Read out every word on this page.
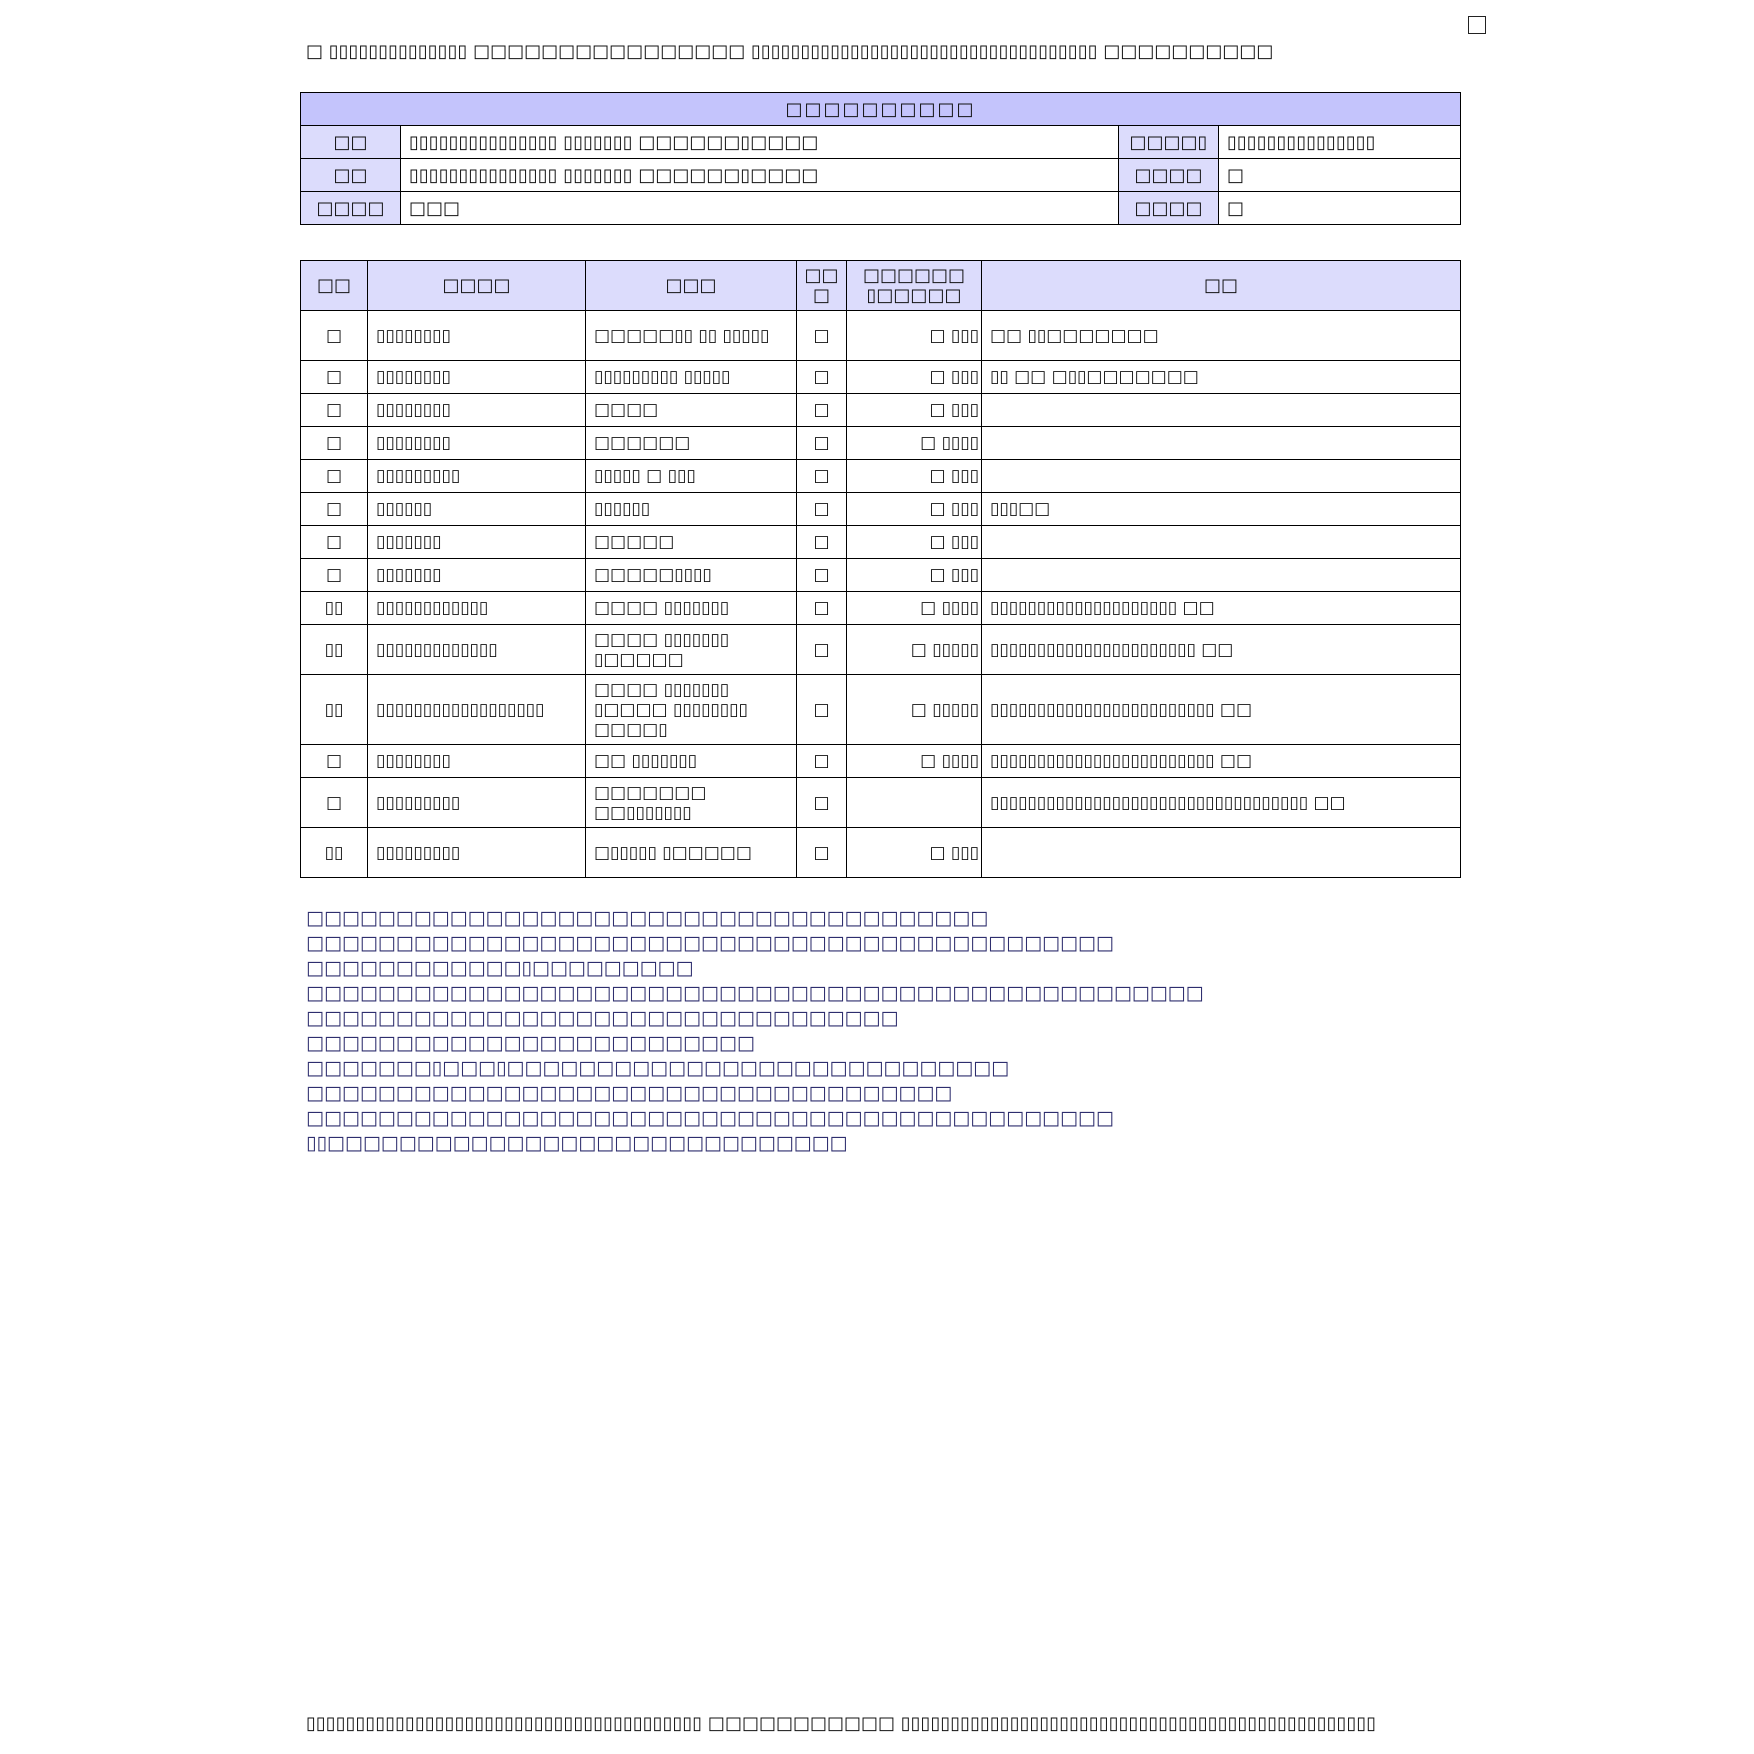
□ ▯▯▯▯▯▯▯▯▯▯▯▯▯▯ □□□□□□□□□□□□□□□□ ▯▯▯▯▯▯▯▯▯▯▯▯▯▯▯▯▯▯▯▯▯▯▯▯▯▯▯▯▯▯▯▯▯▯▯ □□□□□□□□□□
□□□□□□□□□□			
□□	▯▯▯▯▯▯▯▯▯▯▯▯▯▯▯ ▯▯▯▯▯▯▯ □□□□□□▯□□□□	□□□□▯	▯▯▯▯▯▯▯▯▯▯▯▯▯▯▯
□□	▯▯▯▯▯▯▯▯▯▯▯▯▯▯▯ ▯▯▯▯▯▯▯ □□□□□□▯□□□□	□□□□	□
□□□□	□□□	□□□□	□
□□	□□□□	□□□	□□ □	□□□□□□ ▯□□□□□	□□
□	▯▯▯▯▯▯▯▯	□□□□□▯▯ ▯▯ ▯▯▯▯▯	□	□ ▯▯▯	□□ ▯▯□□□□□□□
□	▯▯▯▯▯▯▯▯	▯▯▯▯▯▯▯▯▯ ▯▯▯▯▯	□	□ ▯▯▯	▯▯ □□ □▯▯□□□□□□□
□	▯▯▯▯▯▯▯▯	□□□□	□	□ ▯▯▯	
□	▯▯▯▯▯▯▯▯	□□□□□□	□	□ ▯▯▯▯	
□	▯▯▯▯▯▯▯▯▯	▯▯▯▯▯ □ ▯▯▯	□	□ ▯▯▯	
□	▯▯▯▯▯▯	▯▯▯▯▯▯	□	□ ▯▯▯	▯▯▯□□
□	▯▯▯▯▯▯▯	□□□□□	□	□ ▯▯▯	
□	▯▯▯▯▯▯▯	□□□□□▯▯▯▯	□	□ ▯▯▯	
▯▯	▯▯▯▯▯▯▯▯▯▯▯▯	□□□□ ▯▯▯▯▯▯▯	□	□ ▯▯▯▯	▯▯▯▯▯▯▯▯▯▯▯▯▯▯▯▯▯▯▯▯ □□
▯▯	▯▯▯▯▯▯▯▯▯▯▯▯▯	□□□□ ▯▯▯▯▯▯▯ ▯□□□□□	□	□ ▯▯▯▯▯	▯▯▯▯▯▯▯▯▯▯▯▯▯▯▯▯▯▯▯▯▯▯ □□
▯▯	▯▯▯▯▯▯▯▯▯▯▯▯▯▯▯▯▯▯	□□□□ ▯▯▯▯▯▯▯ ▯□□□□ ▯▯▯▯▯▯▯▯ □□□□▯	□	□ ▯▯▯▯▯	▯▯▯▯▯▯▯▯▯▯▯▯▯▯▯▯▯▯▯▯▯▯▯▯ □□
□	▯▯▯▯▯▯▯▯	□□ ▯▯▯▯▯▯▯	□	□ ▯▯▯▯	▯▯▯▯▯▯▯▯▯▯▯▯▯▯▯▯▯▯▯▯▯▯▯▯ □□
□	▯▯▯▯▯▯▯▯▯	□□□□□□□ □□▯▯▯▯▯▯▯	□		▯▯▯▯▯▯▯▯▯▯▯▯▯▯▯▯▯▯▯▯▯▯▯▯▯▯▯▯▯▯▯▯▯▯ □□
▯▯	▯▯▯▯▯▯▯▯▯	□▯▯▯▯▯ ▯□□□□□	□	□ ▯▯▯	
□□□□□□□□□□□□□□□□□□□□□□□□□□□□□□□□□□□□□□
□□□□□□□□□□□□□□□□□□□□□□□□□□□□□□□□□□□□□□□□□□□□□
□□□□□□□□□□□□▯□□□□□□□□□
□□□□□□□□□□□□□□□□□□□□□□□□□□□□□□□□□□□□□□□□□□□□□□□□□□
□□□□□□□□□□□□□□□□□□□□□□□□□□□□□□□□□
□□□□□□□□□□□□□□□□□□□□□□□□□
□□□□□□□▯□□□▯□□□□□□□□□□□□□□□□□□□□□□□□□□□□
□□□□□□□□□□□□□□□□□□□□□□□□□□□□□□□□□□□□
□□□□□□□□□□□□□□□□□□□□□□□□□□□□□□□□□□□□□□□□□□□□□
▯▯□□□□□□□□□□□□□□□□□□□□□□□□□□□□□
▯▯▯▯▯▯▯▯▯▯▯▯▯▯▯▯▯▯▯▯▯▯▯▯▯▯▯▯▯▯▯▯▯▯▯▯▯▯▯▯ □□□□□□□□□□□ ▯▯▯▯▯▯▯▯▯▯▯▯▯▯▯▯▯▯▯▯▯▯▯▯▯▯▯▯▯▯▯▯▯▯▯▯▯▯▯▯▯▯▯▯▯▯▯▯
